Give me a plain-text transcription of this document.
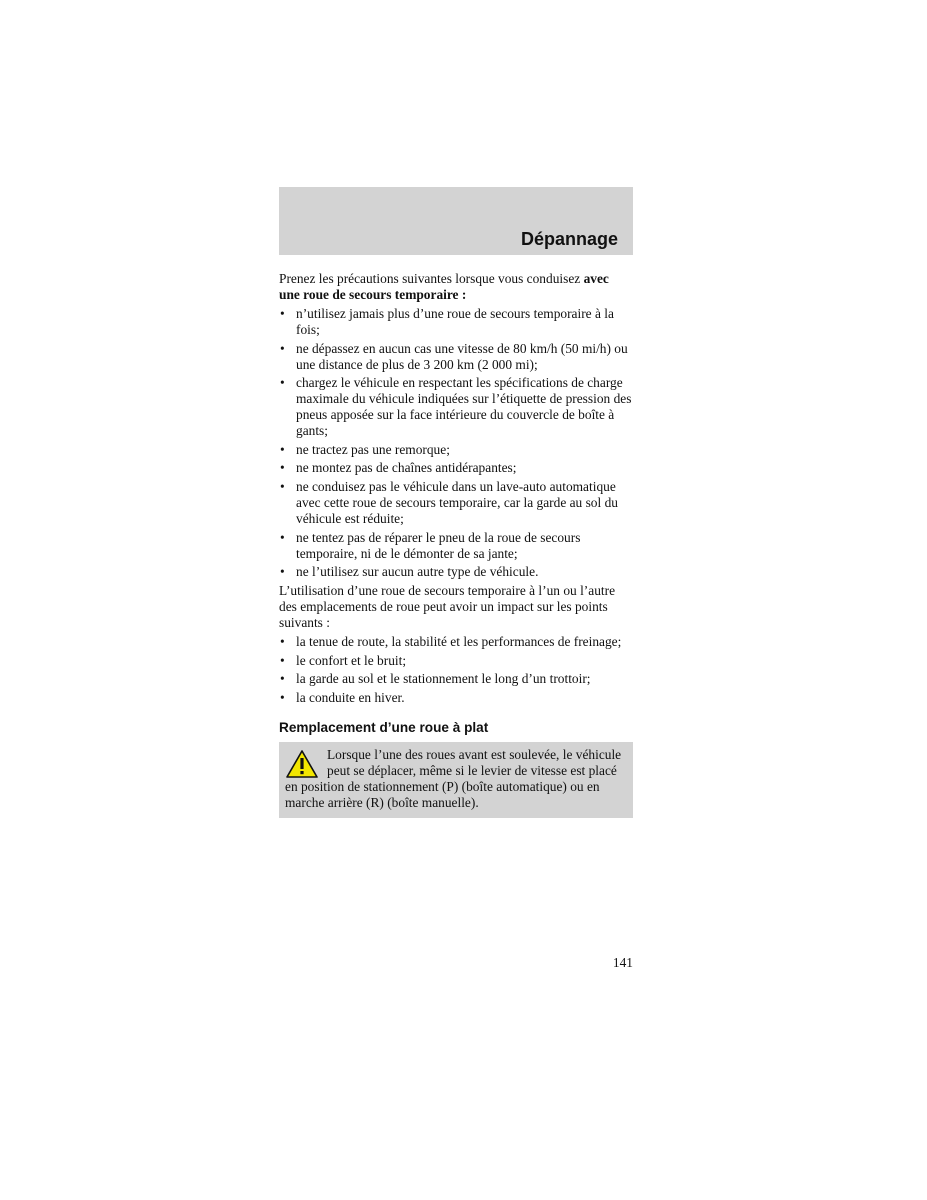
Dépannage
Prenez les précautions suivantes lorsque vous conduisez avec une roue de secours temporaire :
• n’utilisez jamais plus d’une roue de secours temporaire à la fois;
• ne dépassez en aucun cas une vitesse de 80 km/h (50 mi/h) ou une distance de plus de 3 200 km (2 000 mi);
• chargez le véhicule en respectant les spécifications de charge maximale du véhicule indiquées sur l’étiquette de pression des pneus apposée sur la face intérieure du couvercle de boîte à gants;
• ne tractez pas une remorque;
• ne montez pas de chaînes antidérapantes;
• ne conduisez pas le véhicule dans un lave-auto automatique avec cette roue de secours temporaire, car la garde au sol du véhicule est réduite;
• ne tentez pas de réparer le pneu de la roue de secours temporaire, ni de le démonter de sa jante;
• ne l’utilisez sur aucun autre type de véhicule.
L’utilisation d’une roue de secours temporaire à l’un ou l’autre des emplacements de roue peut avoir un impact sur les points suivants :
• la tenue de route, la stabilité et les performances de freinage;
• le confort et le bruit;
• la garde au sol et le stationnement le long d’un trottoir;
• la conduite en hiver.
Remplacement d’une roue à plat
Lorsque l’une des roues avant est soulevée, le véhicule peut se déplacer, même si le levier de vitesse est placé en position de stationnement (P) (boîte automatique) ou en marche arrière (R) (boîte manuelle).
141
